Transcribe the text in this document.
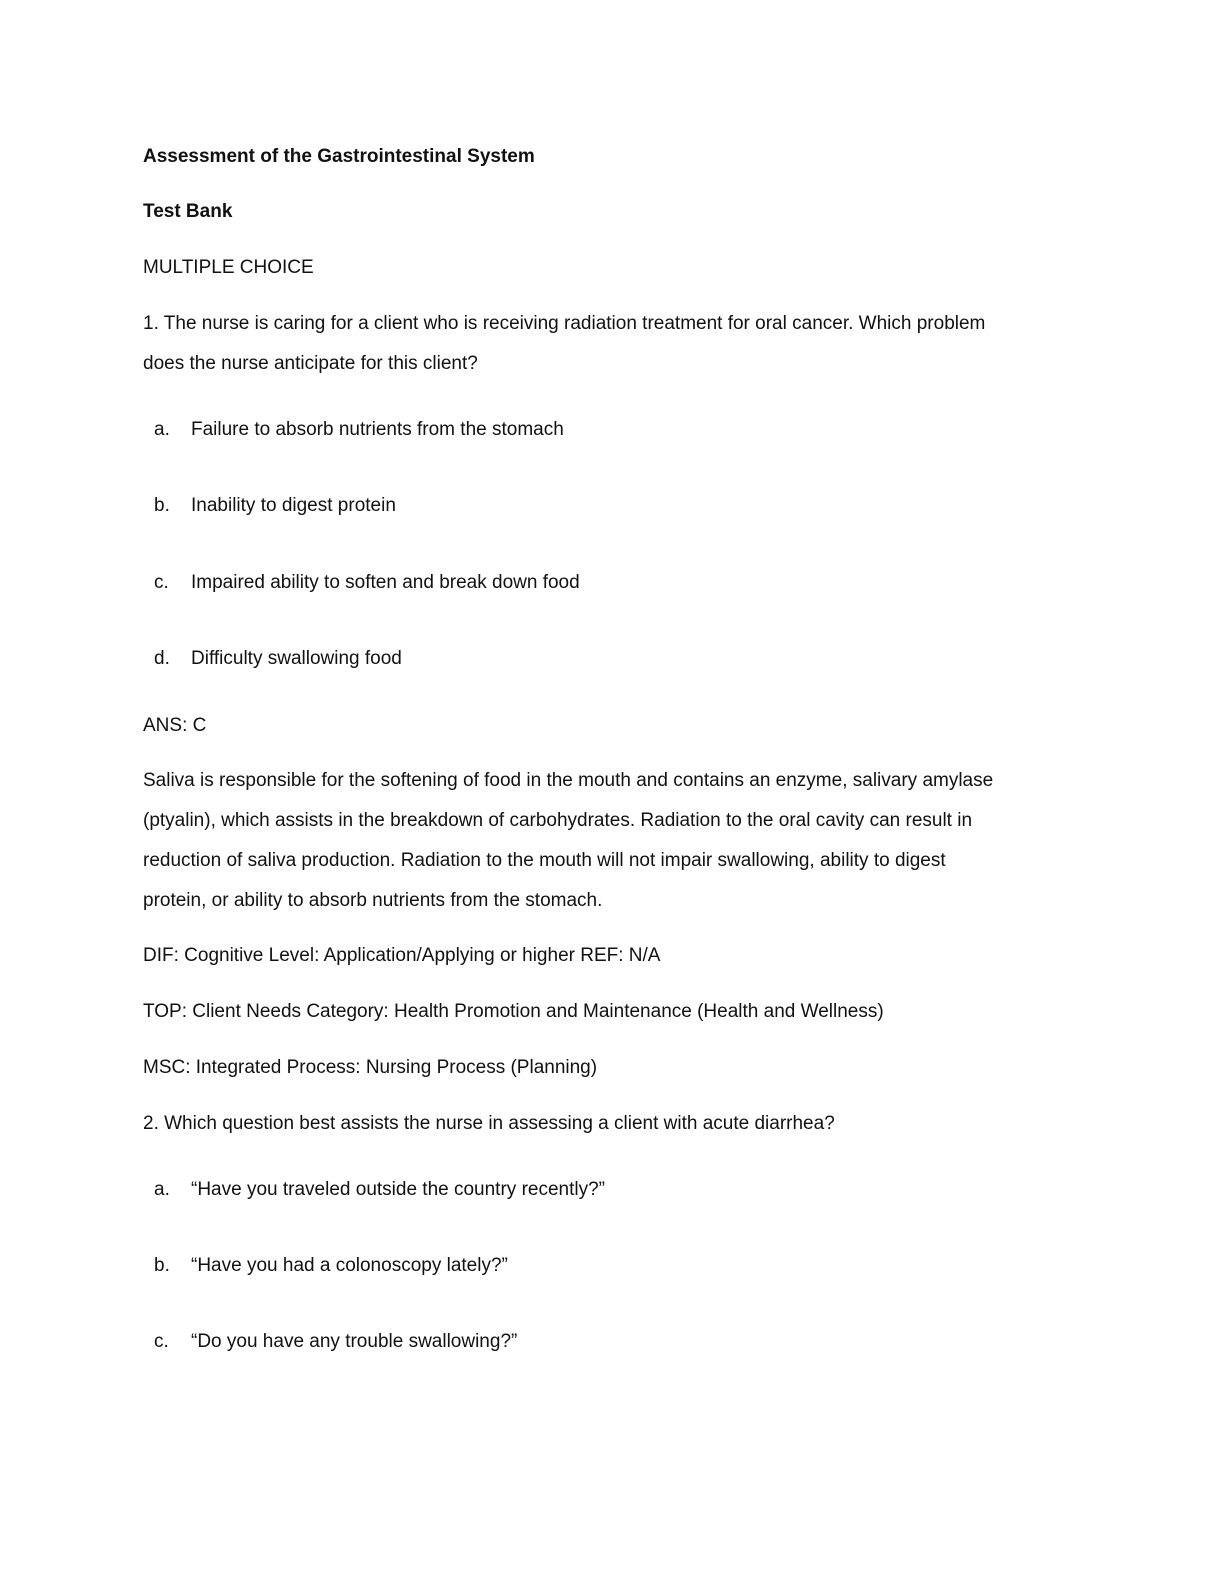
Assessment of the Gastrointestinal System
Test Bank
MULTIPLE CHOICE
1. The nurse is caring for a client who is receiving radiation treatment for oral cancer. Which problem
does the nurse anticipate for this client?
a. Failure to absorb nutrients from the stomach
b. Inability to digest protein
c. Impaired ability to soften and break down food
d. Difficulty swallowing food
ANS: C
Saliva is responsible for the softening of food in the mouth and contains an enzyme, salivary amylase
(ptyalin), which assists in the breakdown of carbohydrates. Radiation to the oral cavity can result in
reduction of saliva production. Radiation to the mouth will not impair swallowing, ability to digest
protein, or ability to absorb nutrients from the stomach.
DIF: Cognitive Level: Application/Applying or higher REF: N/A
TOP: Client Needs Category: Health Promotion and Maintenance (Health and Wellness)
MSC: Integrated Process: Nursing Process (Planning)
2. Which question best assists the nurse in assessing a client with acute diarrhea?
a. “Have you traveled outside the country recently?”
b. “Have you had a colonoscopy lately?”
c. “Do you have any trouble swallowing?”
